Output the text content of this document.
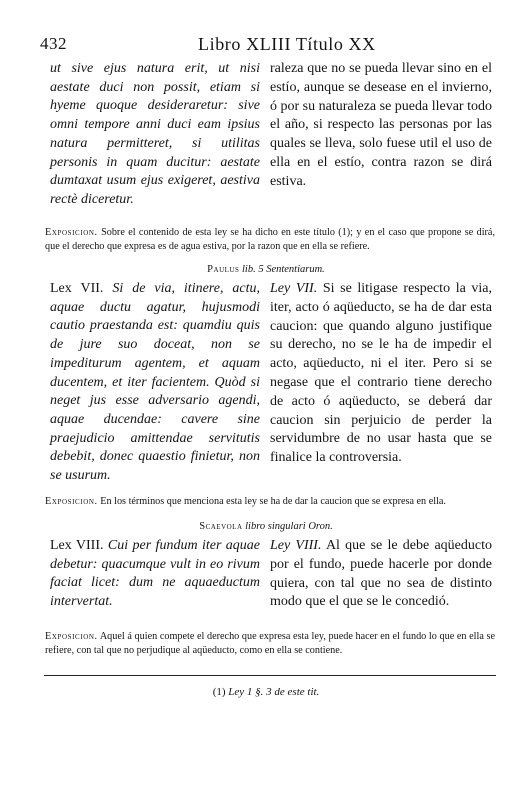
432	Libro XLIII Título XX
ut sive ejus natura erit, ut nisi aestate duci non possit, etiam si hyeme quoque desideraretur: sive omni tempore anni duci eam ipsius natura permitteret, si utilitas personis in quam ducitur: aestate dumtaxat usum ejus exigeret, aestiva rectè diceretur.
raleza que no se pueda llevar sino en el estío, aunque se desease en el invierno, ó por su naturaleza se pueda llevar todo el año, si respecto las personas por las quales se lleva, solo fuese util el uso de ella en el estío, contra razon se dirá estiva.
Exposicion. Sobre el contenido de esta ley se ha dicho en este título (1); y en el caso que propone se dirá, que el derecho que expresa es de agua estiva, por la razon que en ella se refiere.
Paulus lib. 5 Sententiarum.
Lex VII. Si de via, itinere, actu, aquae ductu agatur, hujusmodi cautio praestanda est: quamdiu quis de jure suo doceat, non se impediturum agentem, et aquam ducentem, et iter facientem. Quòd si neget jus esse adversario agendi, aquae ducendae: cavere sine praejudicio amittendae servitutis debebit, donec quaestio finietur, non se usurum.
Ley VII. Si se litigase respecto la via, iter, acto ó aqüeducto, se ha de dar esta caucion: que quando alguno justifique su derecho, no se le ha de impedir el acto, aqüeducto, ni el iter. Pero si se negase que el contrario tiene derecho de acto ó aqüeducto, se deberá dar caucion sin perjuicio de perder la servidumbre de no usar hasta que se finalice la controversia.
Exposicion. En los términos que menciona esta ley se ha de dar la caucion que se expresa en ella.
Scaevola libro singulari Oron.
Lex VIII. Cui per fundum iter aquae debetur: quacumque vult in eo rivum faciat licet: dum ne aquaeductum intervertat.
Ley VIII. Al que se le debe aqüeducto por el fundo, puede hacerle por donde quiera, con tal que no sea de distinto modo que el que se le concedió.
Exposicion. Aquel á quien compete el derecho que expresa esta ley, puede hacer en el fundo lo que en ella se refiere, con tal que no perjudique al aqüeducto, como en ella se contiene.
(1) Ley 1 §. 3 de este tit.
